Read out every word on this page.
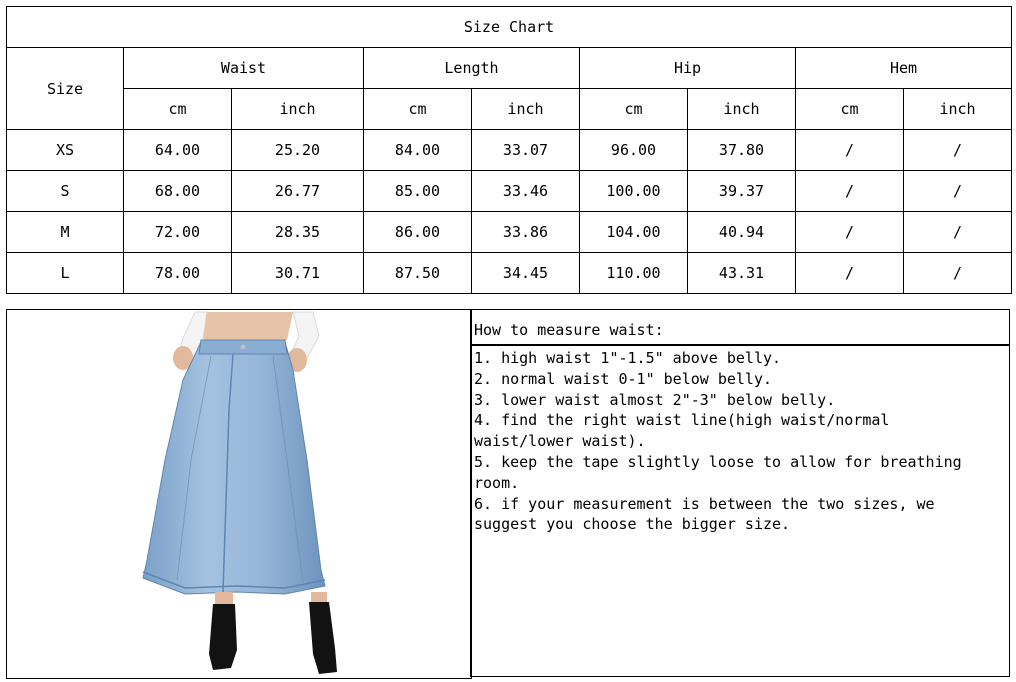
Size Chart								
Size	Waist		Length		Hip		Hem	
	cm	inch	cm	inch	cm	inch	cm	inch
XS	64.00	25.20	84.00	33.07	96.00	37.80	/	/
S	68.00	26.77	85.00	33.46	100.00	39.37	/	/
M	72.00	28.35	86.00	33.86	104.00	40.94	/	/
L	78.00	30.71	87.50	34.45	110.00	43.31	/	/
How to measure waist:
1. high waist 1"-1.5" above belly.
2. normal waist 0-1" below belly.
3. lower waist almost 2"-3" below belly.
4. find the right waist line(high waist/normal waist/lower waist).
5. keep the tape slightly loose to allow for breathing room.
6. if your measurement is between the two sizes, we suggest you choose the bigger size.
